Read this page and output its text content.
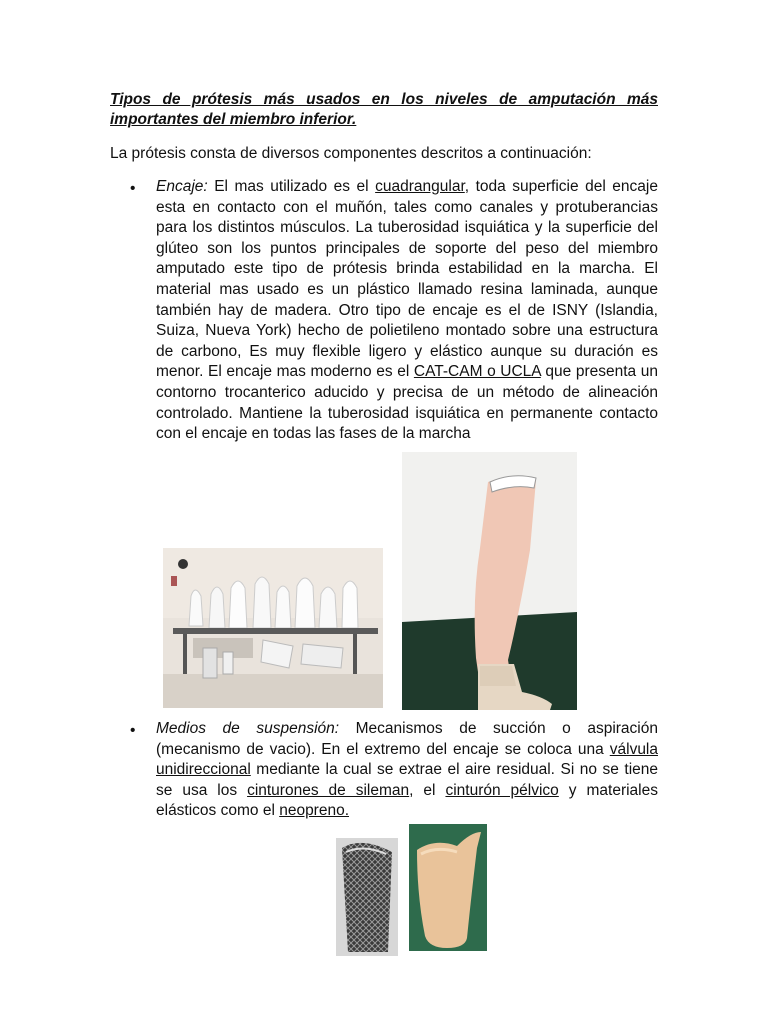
Tipos de prótesis más usados en los niveles de amputación más importantes del miembro inferior.
La prótesis consta de diversos componentes descritos a continuación:
• Encaje: El mas utilizado es el cuadrangular, toda superficie del encaje esta en contacto con el muñón, tales como canales y protuberancias para los distintos músculos. La tuberosidad isquiática y la superficie del glúteo son los puntos principales de soporte del peso del miembro amputado este tipo de prótesis brinda estabilidad en la marcha. El material mas usado es un plástico llamado resina laminada, aunque también hay de madera. Otro tipo de encaje es el de ISNY (Islandia, Suiza, Nueva York) hecho de polietileno montado sobre una estructura de carbono, Es muy flexible ligero y elástico aunque su duración es menor. El encaje mas moderno es el CAT-CAM o UCLA que presenta un contorno trocanterico aducido y precisa de un método de alineación controlado. Mantiene la tuberosidad isquiática en permanente contacto con el encaje en todas las fases de la marcha
• Medios de suspensión: Mecanismos de succión o aspiración (mecanismo de vacio). En el extremo del encaje se coloca una válvula unidireccional mediante la cual se extrae el aire residual. Si no se tiene se usa los cinturones de sileman, el cinturón pélvico y materiales elásticos como el neopreno.
